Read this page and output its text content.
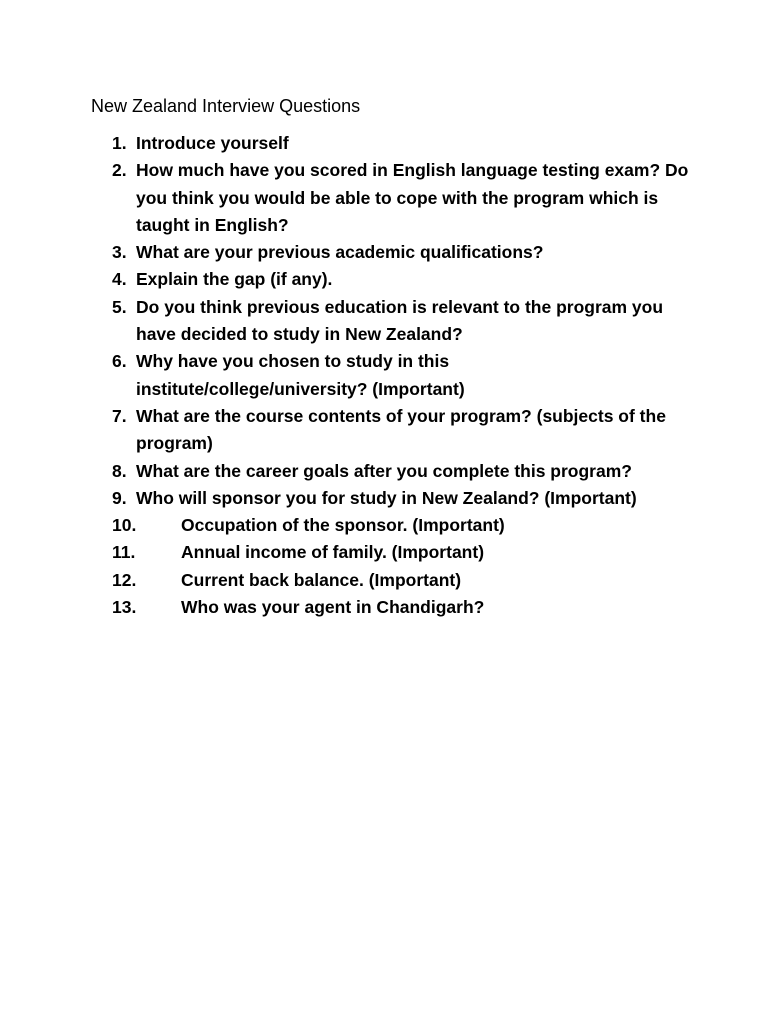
New Zealand Interview Questions
1. Introduce yourself
2. How much have you scored in English language testing exam? Do you think you would be able to cope with the program which is taught in English?
3. What are your previous academic qualifications?
4. Explain the gap (if any).
5. Do you think previous education is relevant to the program you have decided to study in New Zealand?
6. Why have you chosen to study in this institute/college/university? (Important)
7. What are the course contents of your program? (subjects of the program)
8. What are the career goals after you complete this program?
9. Who will sponsor you for study in New Zealand? (Important)
10.	Occupation of the sponsor. (Important)
11.	Annual income of family. (Important)
12.	Current back balance. (Important)
13.	Who was your agent in Chandigarh?
